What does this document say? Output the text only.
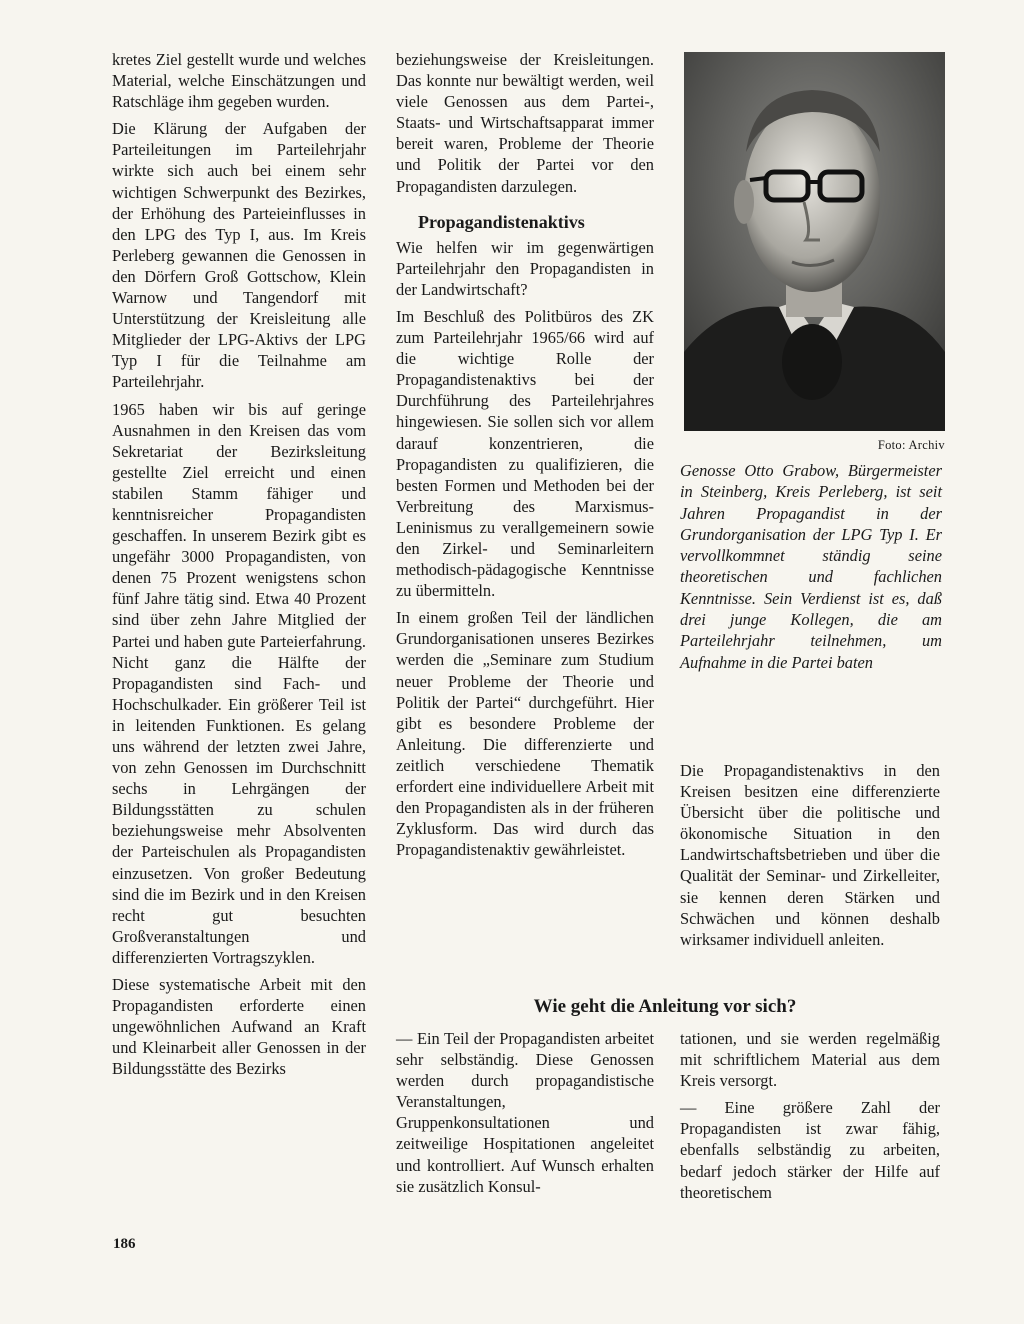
kretes Ziel gestellt wurde und welches Material, welche Einschätzungen und Ratschläge ihm gegeben wurden.

Die Klärung der Aufgaben der Parteileitungen im Parteilehrjahr wirkte sich auch bei einem sehr wichtigen Schwerpunkt des Bezirkes, der Erhöhung des Parteieinflusses in den LPG des Typ I, aus. Im Kreis Perleberg gewannen die Genossen in den Dörfern Groß Gottschow, Klein Warnow und Tangendorf mit Unterstützung der Kreisleitung alle Mitglieder der LPG-Aktivs der LPG Typ I für die Teilnahme am Parteilehrjahr.

1965 haben wir bis auf geringe Ausnahmen in den Kreisen das vom Sekretariat der Bezirksleitung gestellte Ziel erreicht und einen stabilen Stamm fähiger und kenntnisreicher Propagandisten geschaffen. In unserem Bezirk gibt es ungefähr 3000 Propagandisten, von denen 75 Prozent wenigstens schon fünf Jahre tätig sind. Etwa 40 Prozent sind über zehn Jahre Mitglied der Partei und haben gute Parteierfahrung. Nicht ganz die Hälfte der Propagandisten sind Fach- und Hochschulkader. Ein größerer Teil ist in leitenden Funktionen. Es gelang uns während der letzten zwei Jahre, von zehn Genossen im Durchschnitt sechs in Lehrgängen der Bildungsstätten zu schulen beziehungsweise mehr Absolventen der Parteischulen als Propagandisten einzusetzen. Von großer Bedeutung sind die im Bezirk und in den Kreisen recht gut besuchten Großveranstaltungen und differenzierten Vortragszyklen.

Diese systematische Arbeit mit den Propagandisten erforderte einen ungewöhnlichen Aufwand an Kraft und Kleinarbeit aller Genossen in der Bildungsstätte des Bezirks

beziehungsweise der Kreisleitungen. Das konnte nur bewältigt werden, weil viele Genossen aus dem Partei-, Staats- und Wirtschaftsapparat immer bereit waren, Probleme der Theorie und Politik der Partei vor den Propagandisten darzulegen.

Propagandistenaktivs

Wie helfen wir im gegenwärtigen Parteilehrjahr den Propagandisten in der Landwirtschaft?

Im Beschluß des Politbüros des ZK zum Parteilehrjahr 1965/66 wird auf die wichtige Rolle der Propagandistenaktivs bei der Durchführung des Parteilehrjahres hingewiesen. Sie sollen sich vor allem darauf konzentrieren, die Propagandisten zu qualifizieren, die besten Formen und Methoden bei der Verbreitung des Marxismus-Leninismus zu verallgemeinern sowie den Zirkel- und Seminarleitern methodisch-pädagogische Kenntnisse zu übermitteln.

In einem großen Teil der ländlichen Grundorganisationen unseres Bezirkes werden die „Seminare zum Studium neuer Probleme der Theorie und Politik der Partei“ durchgeführt. Hier gibt es besondere Probleme der Anleitung. Die differenzierte und zeitlich verschiedene Thematik erfordert eine individuellere Arbeit mit den Propagandisten als in der früheren Zyklusform. Das wird durch das Propagandistenaktiv gewährleistet.

Foto: Archiv
Genosse Otto Grabow, Bürgermeister in Steinberg, Kreis Perleberg, ist seit Jahren Propagandist in der Grundorganisation der LPG Typ I. Er vervollkommnet ständig seine theoretischen und fachlichen Kenntnisse. Sein Verdienst ist es, daß drei junge Kollegen, die am Parteilehrjahr teilnehmen, um Aufnahme in die Partei baten

Die Propagandistenaktivs in den Kreisen besitzen eine differenzierte Übersicht über die politische und ökonomische Situation in den Landwirtschaftsbetrieben und über die Qualität der Seminar- und Zirkelleiter, sie kennen deren Stärken und Schwächen und können deshalb wirksamer individuell anleiten.

Wie geht die Anleitung vor sich?

— Ein Teil der Propagandisten arbeitet sehr selbständig. Diese Genossen werden durch propagandistische Veranstaltungen, Gruppenkonsultationen und zeitweilige Hospitationen angeleitet und kontrolliert. Auf Wunsch erhalten sie zusätzlich Konsul-

tationen, und sie werden regelmäßig mit schriftlichem Material aus dem Kreis versorgt.

— Eine größere Zahl der Propagandisten ist zwar fähig, ebenfalls selbständig zu arbeiten, bedarf jedoch stärker der Hilfe auf theoretischem

186
